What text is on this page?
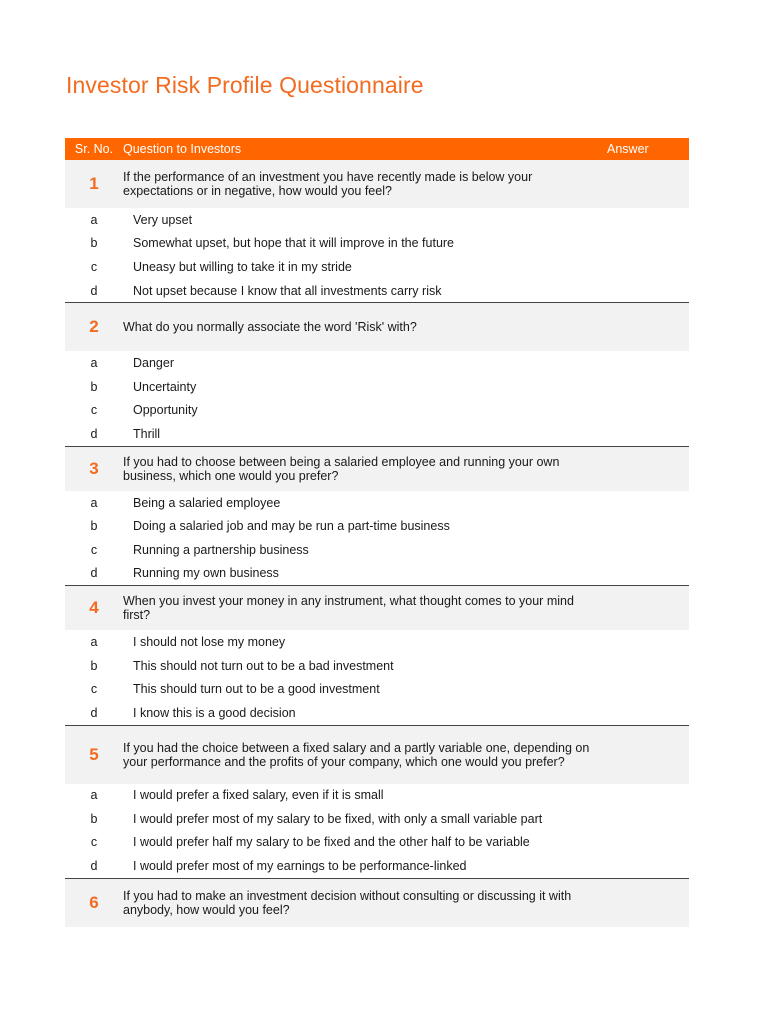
Investor Risk Profile Questionnaire
Sr. No. Question to Investors	Answer
1	If the performance of an investment you have recently made is below your expectations or in negative, how would you feel?
a	Very upset
b	Somewhat upset, but hope that it will improve in the future
c	Uneasy but willing to take it in my stride
d	Not upset because I know that all investments carry risk
2	What do you normally associate the word 'Risk' with?
a	Danger
b	Uncertainty
c	Opportunity
d	Thrill
3	If you had to choose between being a salaried employee and running your own business, which one would you prefer?
a	Being a salaried employee
b	Doing a salaried job and may be run a part-time business
c	Running a partnership business
d	Running my own business
4	When you invest your money in any instrument, what thought comes to your mind first?
a	I should not lose my money
b	This should not turn out to be a bad investment
c	This should turn out to be a good investment
d	I know this is a good decision
5	If you had the choice between a fixed salary and a partly variable one, depending on your performance and the profits of your company, which one would you prefer?
a	I would prefer a fixed salary, even if it is small
b	I would prefer most of my salary to be fixed, with only a small variable part
c	I would prefer half my salary to be fixed and the other half to be variable
d	I would prefer most of my earnings to be performance-linked
6	If you had to make an investment decision without consulting or discussing it with anybody, how would you feel?
